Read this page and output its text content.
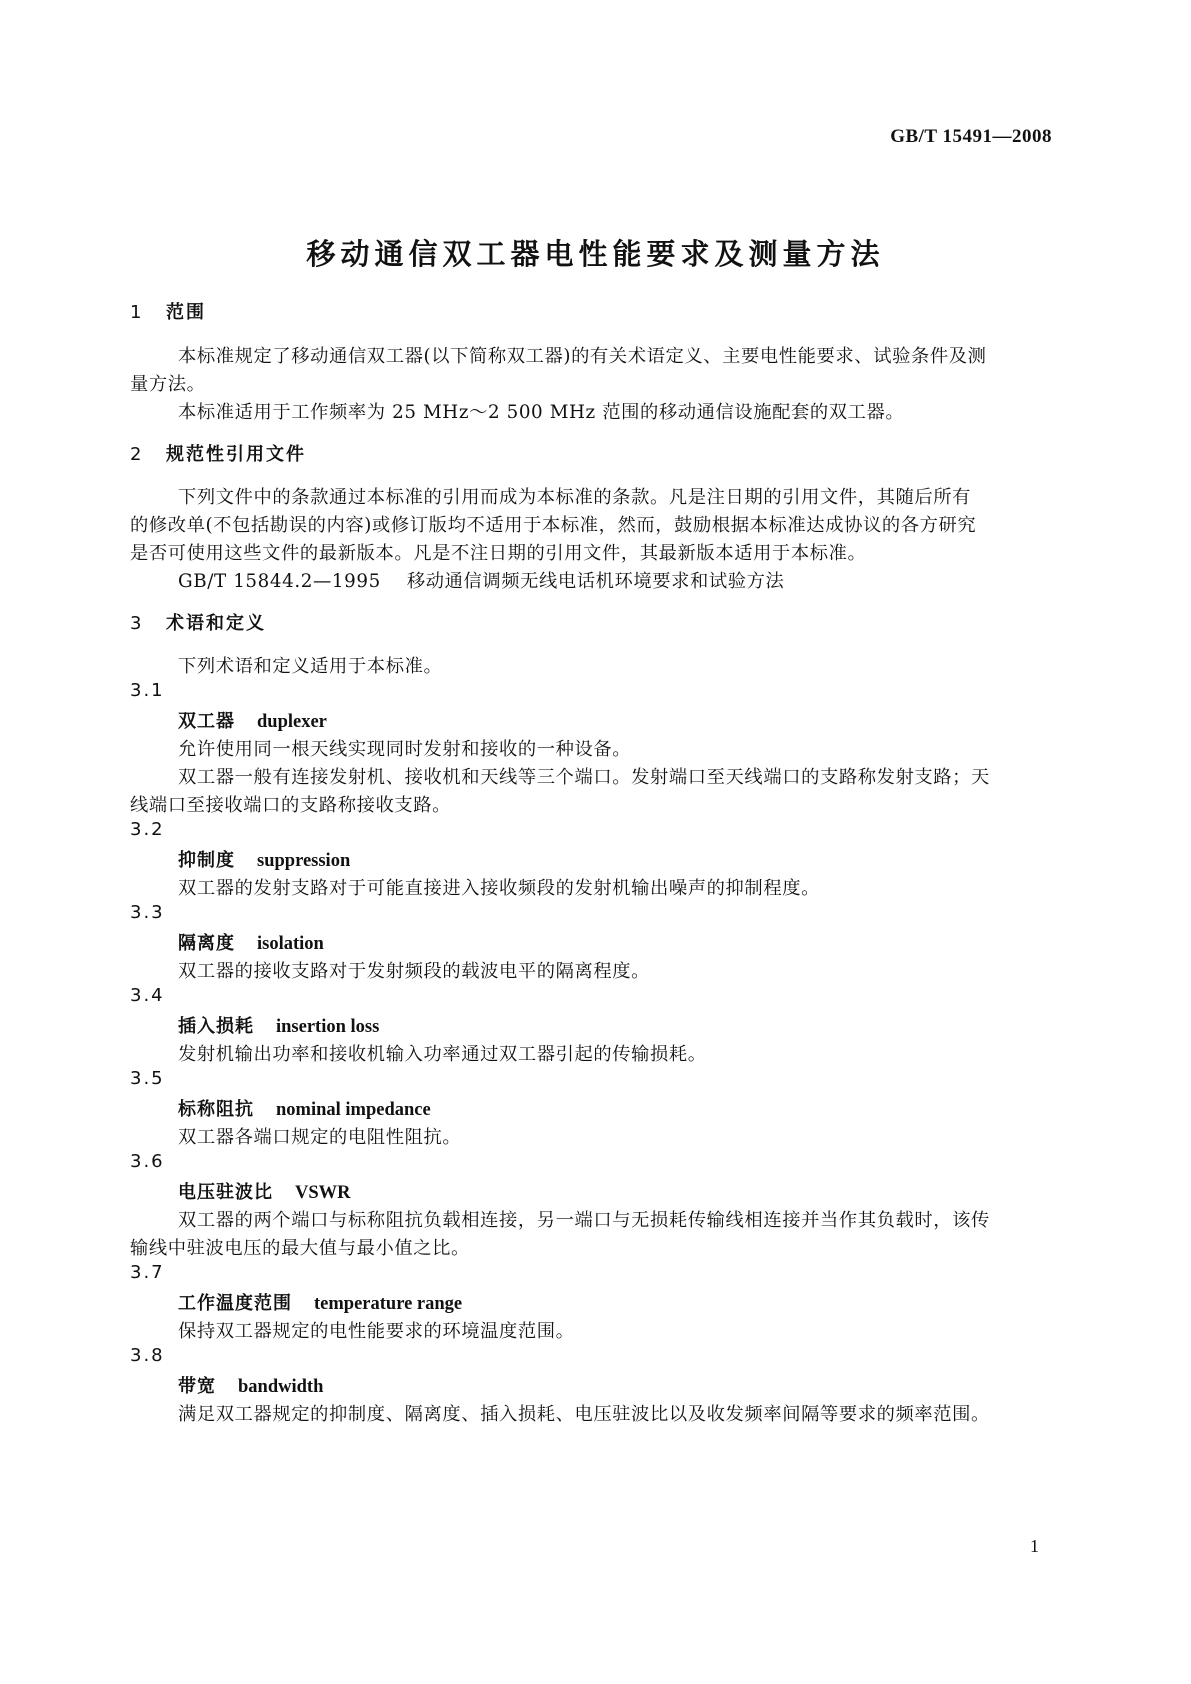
GB/T 15491—2008
移动通信双工器电性能要求及测量方法
1 范围
本标准规定了移动通信双工器(以下简称双工器)的有关术语定义、主要电性能要求、试验条件及测
量方法。
本标准适用于工作频率为 25 MHz～2 500 MHz 范围的移动通信设施配套的双工器。
2 规范性引用文件
下列文件中的条款通过本标准的引用而成为本标准的条款。凡是注日期的引用文件，其随后所有
的修改单(不包括勘误的内容)或修订版均不适用于本标准，然而，鼓励根据本标准达成协议的各方研究
是否可使用这些文件的最新版本。凡是不注日期的引用文件，其最新版本适用于本标准。
GB/T 15844.2—1995 移动通信调频无线电话机环境要求和试验方法
3 术语和定义
下列术语和定义适用于本标准。
3.1
双工器 duplexer
允许使用同一根天线实现同时发射和接收的一种设备。
双工器一般有连接发射机、接收机和天线等三个端口。发射端口至天线端口的支路称发射支路；天
线端口至接收端口的支路称接收支路。
3.2
抑制度 suppression
双工器的发射支路对于可能直接进入接收频段的发射机输出噪声的抑制程度。
3.3
隔离度 isolation
双工器的接收支路对于发射频段的载波电平的隔离程度。
3.4
插入损耗 insertion loss
发射机输出功率和接收机输入功率通过双工器引起的传输损耗。
3.5
标称阻抗 nominal impedance
双工器各端口规定的电阻性阻抗。
3.6
电压驻波比 VSWR
双工器的两个端口与标称阻抗负载相连接，另一端口与无损耗传输线相连接并当作其负载时，该传
输线中驻波电压的最大值与最小值之比。
3.7
工作温度范围 temperature range
保持双工器规定的电性能要求的环境温度范围。
3.8
带宽 bandwidth
满足双工器规定的抑制度、隔离度、插入损耗、电压驻波比以及收发频率间隔等要求的频率范围。
1
